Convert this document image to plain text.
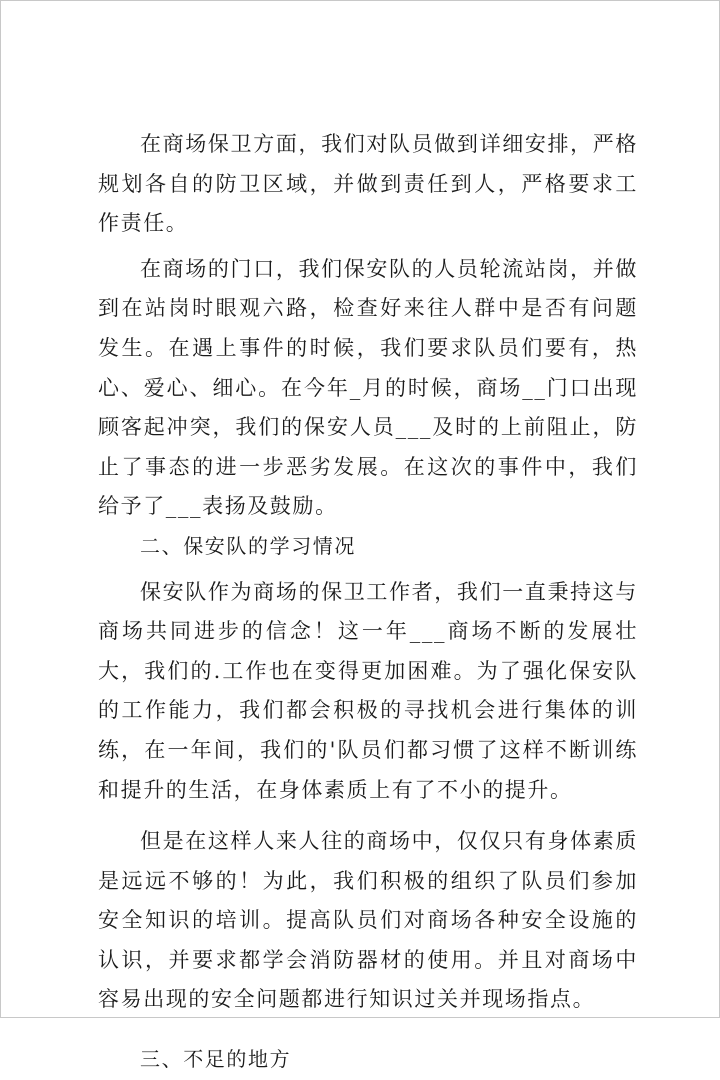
在商场保卫方面，我们对队员做到详细安排，严格规划各自的防卫区域，并做到责任到人，严格要求工作责任。

在商场的门口，我们保安队的人员轮流站岗，并做到在站岗时眼观六路，检查好来往人群中是否有问题发生。在遇上事件的时候，我们要求队员们要有，热心、爱心、细心。在今年_月的时候，商场__门口出现顾客起冲突，我们的保安人员___及时的上前阻止，防止了事态的进一步恶劣发展。在这次的事件中，我们给予了___表扬及鼓励。

二、保安队的学习情况

保安队作为商场的保卫工作者，我们一直秉持这与商场共同进步的信念！这一年___商场不断的发展壮大，我们的.工作也在变得更加困难。为了强化保安队的工作能力，我们都会积极的寻找机会进行集体的训练，在一年间，我们的'队员们都习惯了这样不断训练和提升的生活，在身体素质上有了不小的提升。

但是在这样人来人往的商场中，仅仅只有身体素质是远远不够的！为此，我们积极的组织了队员们参加安全知识的培训。提高队员们对商场各种安全设施的认识，并要求都学会消防器材的使用。并且对商场中容易出现的安全问题都进行知识过关并现场指点。

三、不足的地方
